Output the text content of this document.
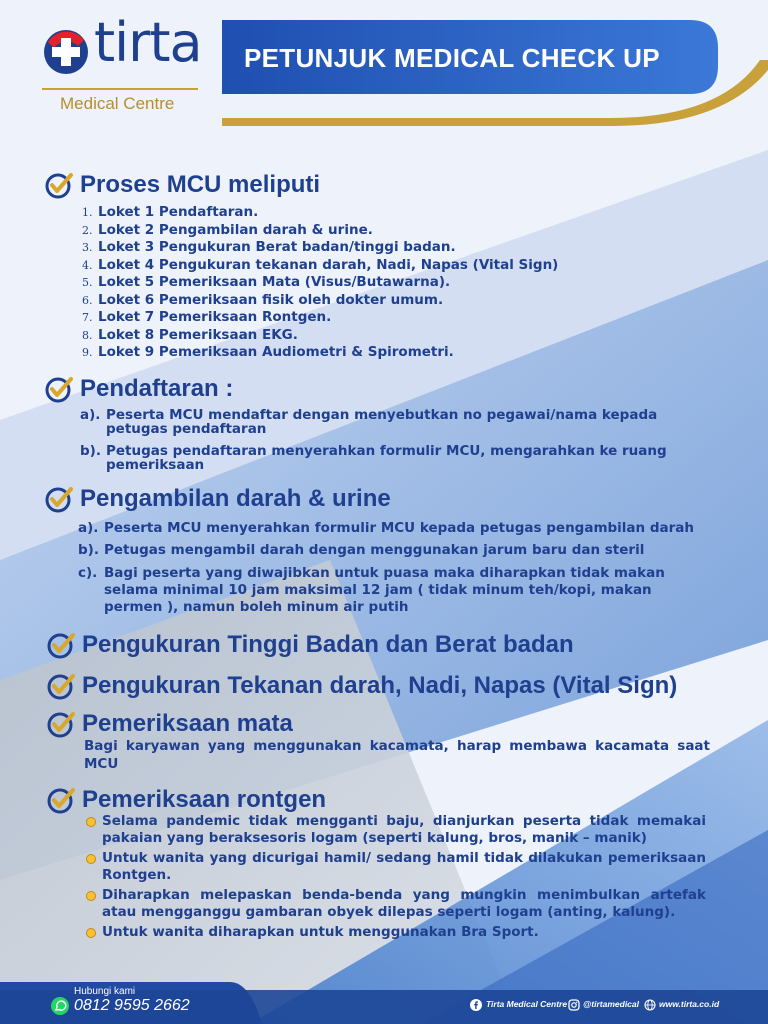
tirta
Medical Centre
PETUNJUK MEDICAL CHECK UP
Proses MCU meliputi
1. Loket 1 Pendaftaran.
2. Loket 2 Pengambilan darah & urine.
3. Loket 3 Pengukuran Berat badan/tinggi badan.
4. Loket 4 Pengukuran tekanan darah, Nadi, Napas (Vital Sign)
5. Loket 5 Pemeriksaan Mata (Visus/Butawarna).
6. Loket 6 Pemeriksaan fisik oleh dokter umum.
7. Loket 7 Pemeriksaan Rontgen.
8. Loket 8 Pemeriksaan EKG.
9. Loket 9 Pemeriksaan Audiometri & Spirometri.
Pendaftaran :
a). Peserta MCU mendaftar dengan menyebutkan no pegawai/nama kepada petugas pendaftaran
b). Petugas pendaftaran menyerahkan formulir MCU, mengarahkan ke ruang pemeriksaan
Pengambilan darah & urine
a). Peserta MCU menyerahkan formulir MCU kepada petugas pengambilan darah
b). Petugas mengambil darah dengan menggunakan jarum baru dan steril
c). Bagi peserta yang diwajibkan untuk puasa maka diharapkan tidak makan selama minimal 10 jam maksimal 12 jam ( tidak minum teh/kopi, makan permen ), namun boleh minum air putih
Pengukuran Tinggi Badan dan Berat badan
Pengukuran Tekanan darah, Nadi, Napas (Vital Sign)
Pemeriksaan mata
Bagi karyawan yang menggunakan kacamata, harap membawa kacamata saat MCU
Pemeriksaan rontgen
Selama pandemic tidak mengganti baju, dianjurkan peserta tidak memakai pakaian yang beraksesoris logam (seperti kalung, bros, manik – manik)
Untuk wanita yang dicurigai hamil/ sedang hamil tidak dilakukan pemeriksaan Rontgen.
Diharapkan melepaskan benda-benda yang mungkin menimbulkan artefak atau mengganggu gambaran obyek dilepas seperti logam (anting, kalung).
Untuk wanita diharapkan untuk menggunakan Bra Sport.
Hubungi kami
0812 9595 2662	Tirta Medical Centre @tirtamedical www.tirta.co.id
